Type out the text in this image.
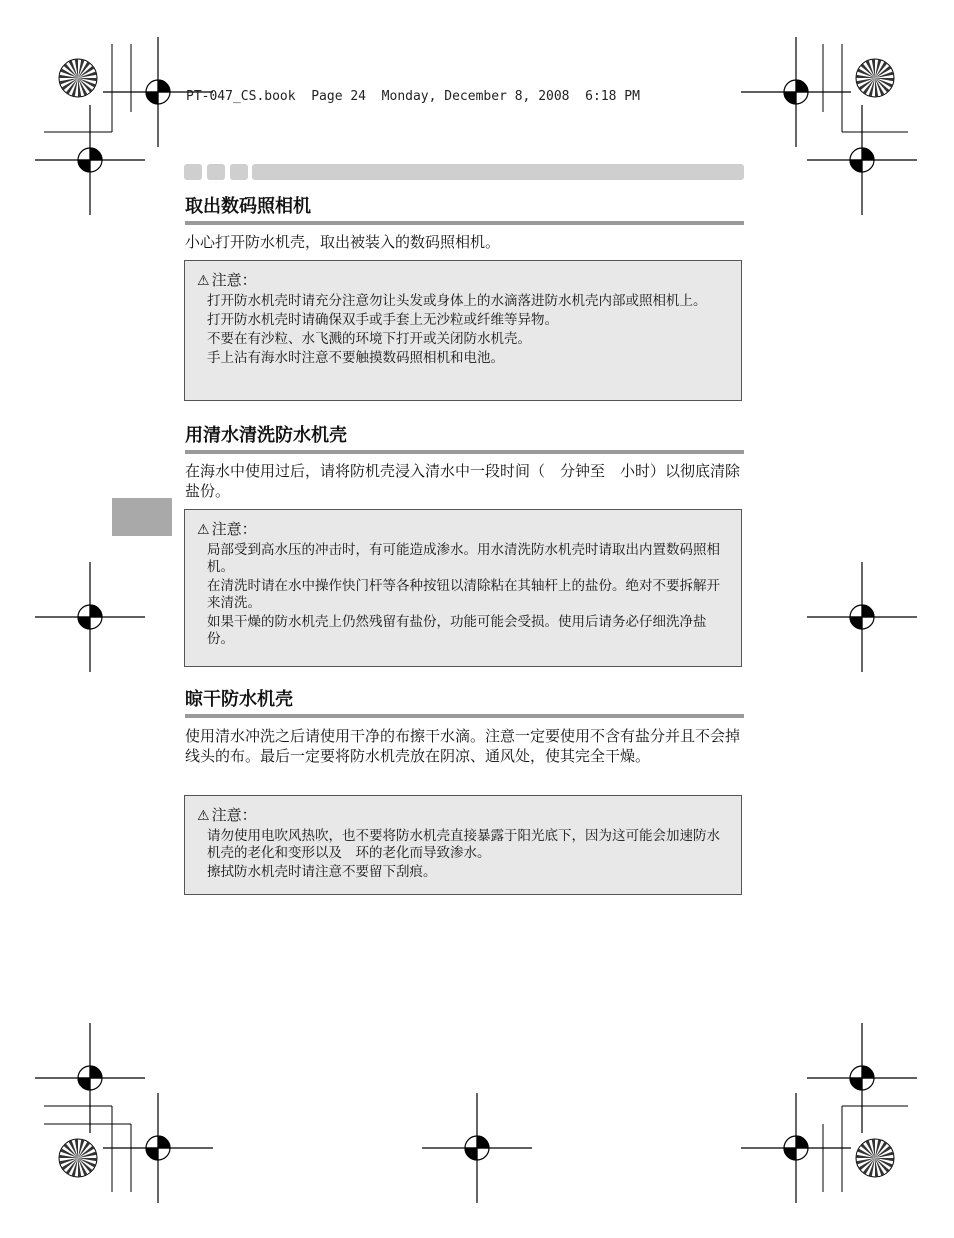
PT-047_CS.book  Page 24  Monday, December 8, 2008  6:18 PM
取出数码照相机
小心打开防水机壳，取出被装入的数码照相机。
⚠ 注意：
打开防水机壳时请充分注意勿让头发或身体上的水滴落进防水机壳内部或照相机上。
打开防水机壳时请确保双手或手套上无沙粒或纤维等异物。
不要在有沙粒、水飞溅的环境下打开或关闭防水机壳。
手上沾有海水时注意不要触摸数码照相机和电池。
用清水清洗防水机壳
在海水中使用过后，请将防机壳浸入清水中一段时间（　分钟至　小时）以彻底清除盐份。
⚠ 注意：
局部受到高水压的冲击时，有可能造成渗水。用水清洗防水机壳时请取出内置数码照相机。
在清洗时请在水中操作快门杆等各种按钮以清除粘在其轴杆上的盐份。绝对不要拆解开来清洗。
如果干燥的防水机壳上仍然残留有盐份，功能可能会受损。使用后请务必仔细洗净盐份。
晾干防水机壳
使用清水冲洗之后请使用干净的布擦干水滴。注意一定要使用不含有盐分并且不会掉线头的布。最后一定要将防水机壳放在阴凉、通风处，使其完全干燥。
⚠ 注意：
请勿使用电吹风热吹，也不要将防水机壳直接暴露于阳光底下，因为这可能会加速防水机壳的老化和变形以及　环的老化而导致渗水。
擦拭防水机壳时请注意不要留下刮痕。
